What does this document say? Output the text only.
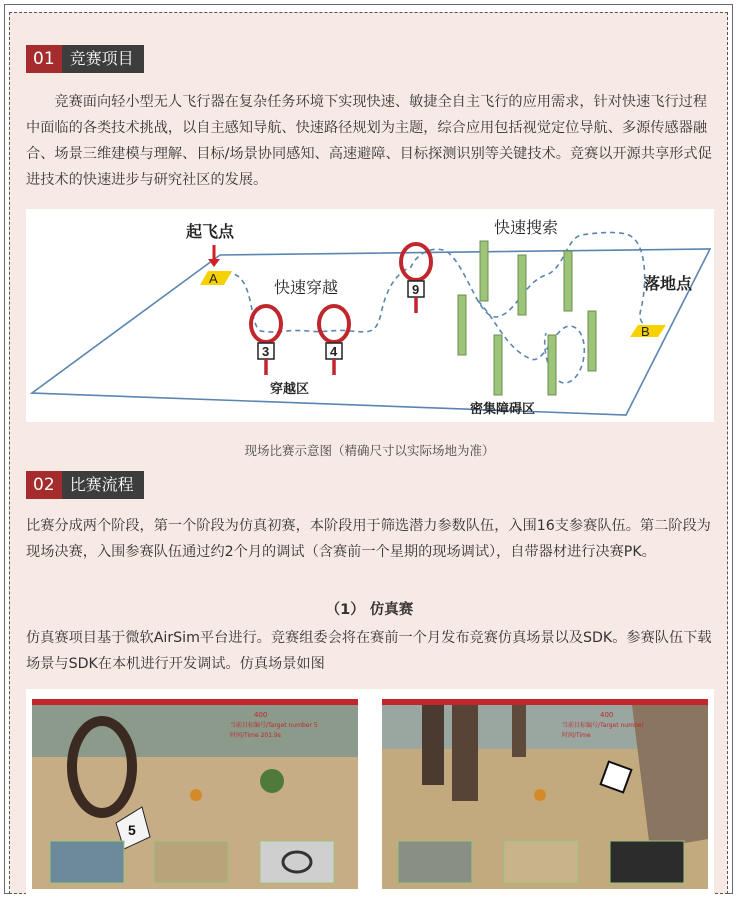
01 竞赛项目

竞赛面向轻小型无人飞行器在复杂任务环境下实现快速、敏捷全自主飞行的应用需求，针对快速飞行过程中面临的各类技术挑战，以自主感知导航、快速路径规划为主题，综合应用包括视觉定位导航、多源传感器融合、场景三维建模与理解、目标/场景协同感知、高速避障、目标探测识别等关键技术。竞赛以开源共享形式促进技术的快速进步与研究社区的发展。

A
起飞点
快速穿越
3	4
9
穿越区
快速搜索
密集障碍区
B
落地点
现场比赛示意图（精确尺寸以实际场地为准）
02 比赛流程

比赛分成两个阶段，第一个阶段为仿真初赛，本阶段用于筛选潜力参数队伍，入围16支参赛队伍。第二阶段为现场决赛，入围参赛队伍通过约2个月的调试（含赛前一个星期的现场调试），自带器材进行决赛PK。

（1） 仿真赛

仿真赛项目基于微软AirSim平台进行。竞赛组委会将在赛前一个月发布竞赛仿真场景以及SDK。参赛队伍下载场景与SDK在本机进行开发调试。仿真场景如图

5
400
当前目标编号/Target number 5
时间/Time 201.9s
400
当前目标编号/Target number
时间/Time
